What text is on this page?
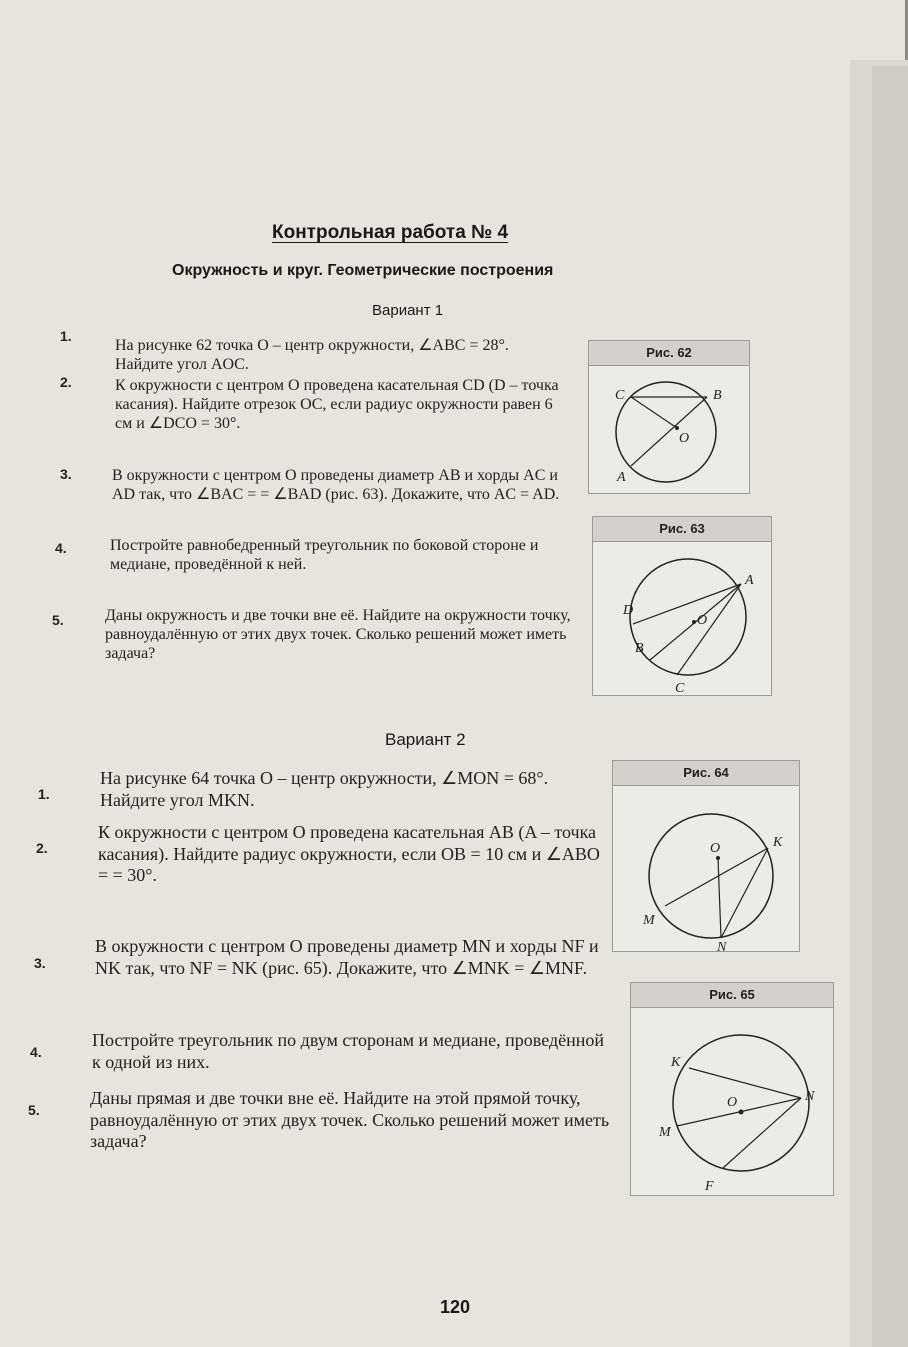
Контрольная работа № 4
Окружность и круг. Геометрические построения
Вариант 1
1.
На рисунке 62 точка O – центр окружности, ∠ABC = 28°. Найдите угол AOC.
2.	К окружности с центром O проведена касательная CD (D – точка касания). Найдите отрезок OC, если радиус окружности равен 6 см и ∠DCO = 30°.
3.	В окружности с центром O проведены диаметр AB и хорды AC и AD так, что ∠BAC = = ∠BAD (рис. 63). Докажите, что AC = AD.
4.	Постройте равнобедренный треугольник по боковой стороне и медиане, проведённой к ней.
5.	Даны окружность и две точки вне её. Найдите на окружности точку, равноудалённую от этих двух точек. Сколько решений может иметь задача?
Вариант 2
1.
На рисунке 64 точка O – центр окружности, ∠MON = 68°. Найдите угол MKN.
2.
К окружности с центром O проведена касательная AB (A – точка касания). Найдите радиус окружности, если OB = 10 см и ∠ABO = = 30°.
3.
В окружности с центром O проведены диаметр MN и хорды NF и NK так, что NF = NK (рис. 65). Докажите, что ∠MNK = ∠MNF.
4.
Постройте треугольник по двум сторонам и медиане, проведённой к одной из них.
5.
Даны прямая и две точки вне её. Найдите на этой прямой точку, равноудалённую от этих двух точек. Сколько решений может иметь задача?
Рис. 62
C	B
O
A
Рис. 63
A
D
O
B
C
Рис. 64
O	K
M
N
Рис. 65
K
O	N
M
F
120
